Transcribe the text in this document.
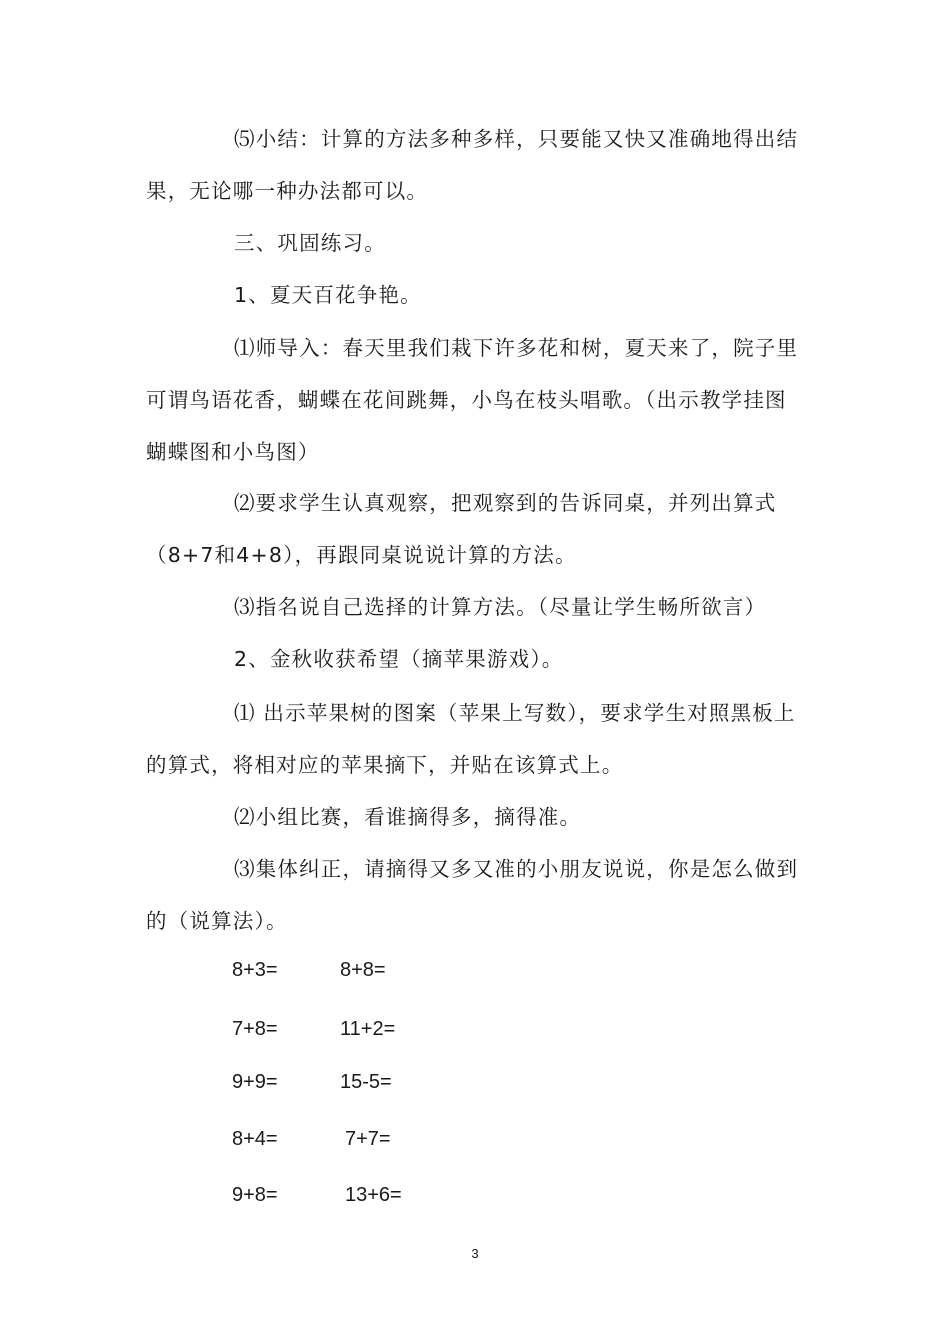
⑸小结：计算的方法多种多样，只要能又快又准确地得出结果，无论哪一种办法都可以。

三、巩固练习。

1、夏天百花争艳。

⑴师导入：春天里我们栽下许多花和树，夏天来了，院子里可谓鸟语花香，蝴蝶在花间跳舞，小鸟在枝头唱歌。（出示教学挂图蝴蝶图和小鸟图）

⑵要求学生认真观察，把观察到的告诉同桌，并列出算式（8+7和4+8），再跟同桌说说计算的方法。

⑶指名说自己选择的计算方法。（尽量让学生畅所欲言）

2、金秋收获希望（摘苹果游戏）。

⑴ 出示苹果树的图案（苹果上写数），要求学生对照黑板上的算式，将相对应的苹果摘下，并贴在该算式上。

⑵小组比赛，看谁摘得多，摘得准。

⑶集体纠正，请摘得又多又准的小朋友说说，你是怎么做到的（说算法）。

8+3=	8+8=
7+8=	11+2=
9+9=	15-5=
8+4=	7+7=
9+8=	13+6=
3
